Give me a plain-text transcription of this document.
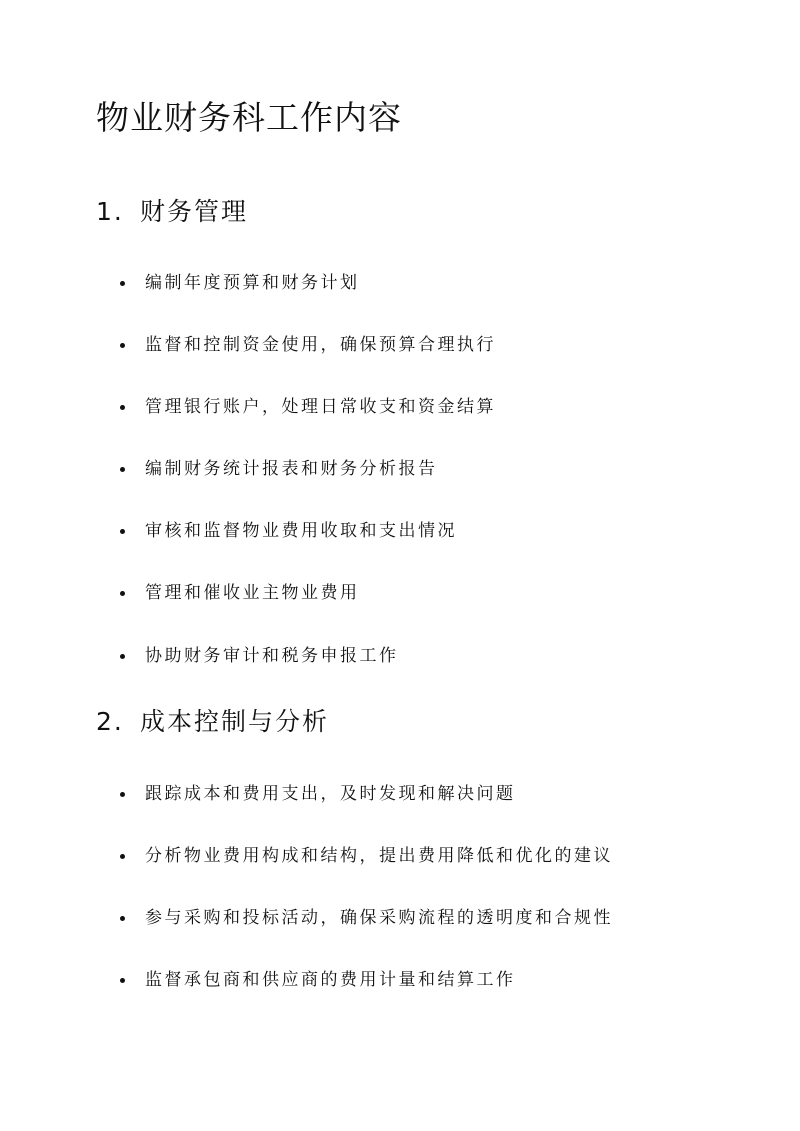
物业财务科工作内容
1. 财务管理
编制年度预算和财务计划
监督和控制资金使用，确保预算合理执行
管理银行账户，处理日常收支和资金结算
编制财务统计报表和财务分析报告
审核和监督物业费用收取和支出情况
管理和催收业主物业费用
协助财务审计和税务申报工作
2. 成本控制与分析
跟踪成本和费用支出，及时发现和解决问题
分析物业费用构成和结构，提出费用降低和优化的建议
参与采购和投标活动，确保采购流程的透明度和合规性
监督承包商和供应商的费用计量和结算工作
